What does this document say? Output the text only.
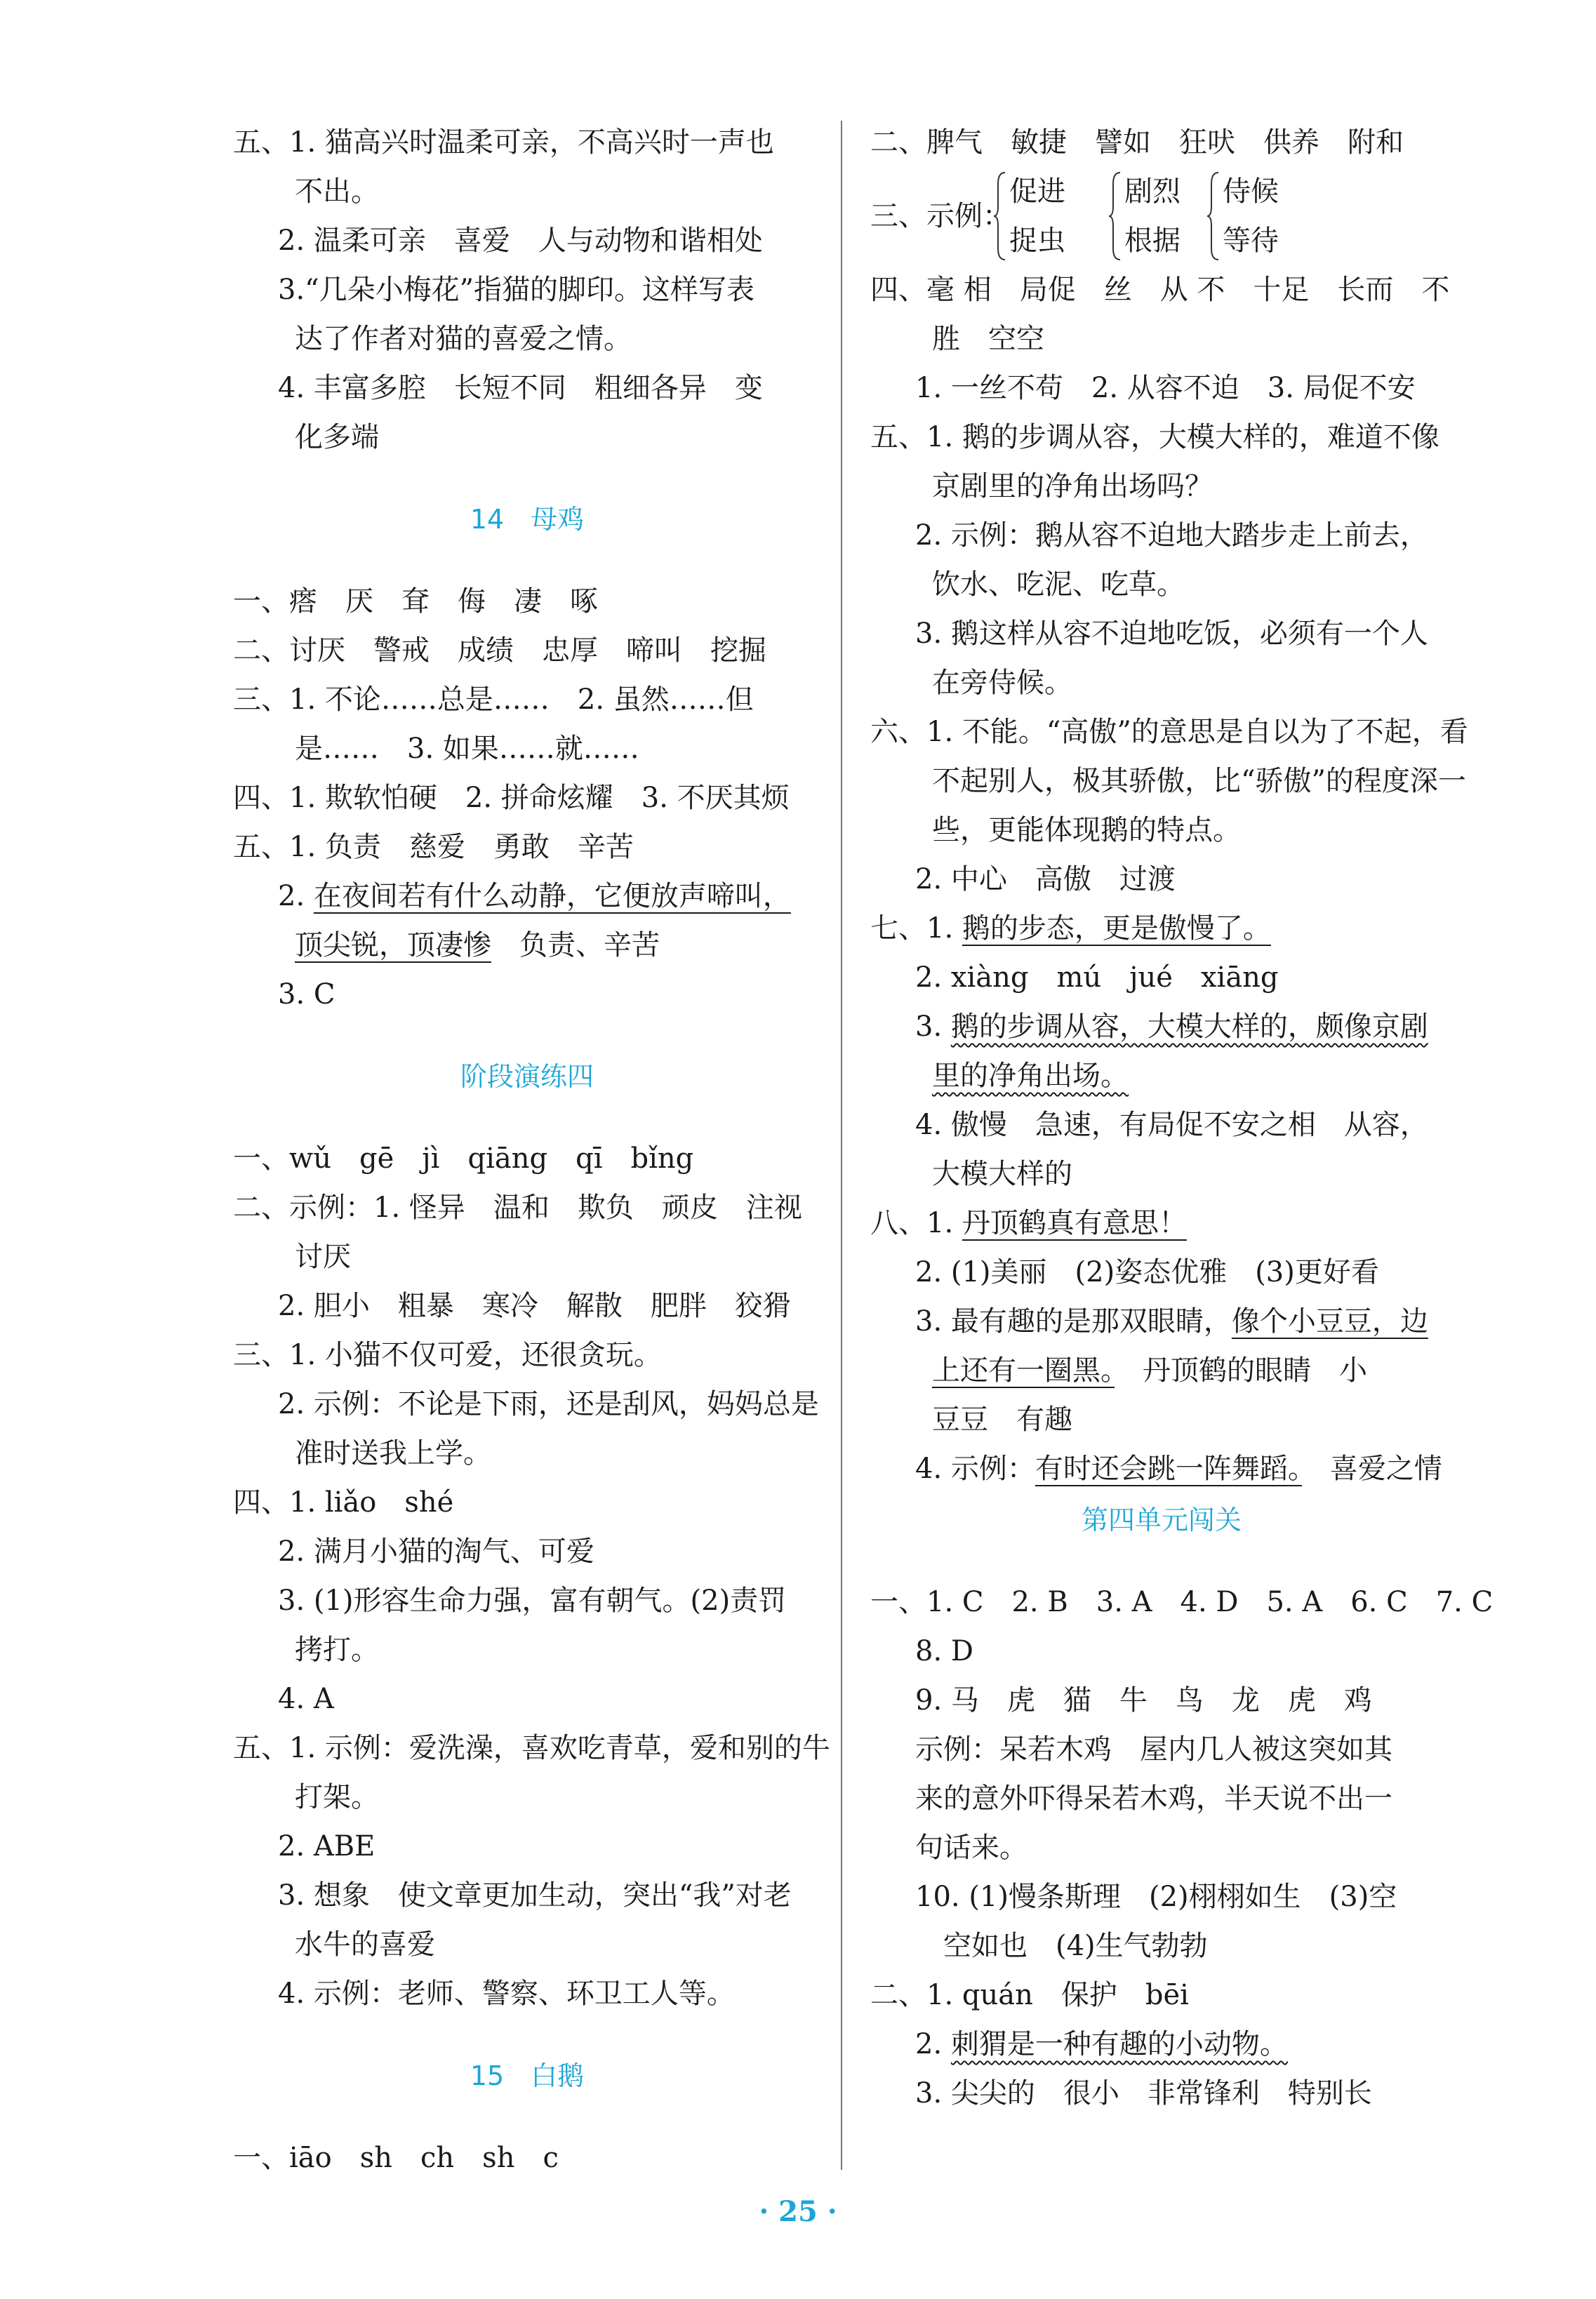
五、1. 猫高兴时温柔可亲，不高兴时一声也
不出。
2. 温柔可亲　喜爱　人与动物和谐相处
3.“几朵小梅花”指猫的脚印。这样写表
达了作者对猫的喜爱之情。
4. 丰富多腔　长短不同　粗细各异　变
化多端
14　母鸡
一、瘩　厌　耷　侮　凄　啄
二、讨厌　警戒　成绩　忠厚　啼叫　挖掘
三、1. 不论……总是……　2. 虽然……但
是……　3. 如果……就……
四、1. 欺软怕硬　2. 拼命炫耀　3. 不厌其烦
五、1. 负责　慈爱　勇敢　辛苦
2. 在夜间若有什么动静，它便放声啼叫，
顶尖锐，顶凄惨　负责、辛苦
3. C
阶段演练四
一、wǔ　gē　jì　qiāng　qī　bǐng
二、示例：1. 怪异　温和　欺负　顽皮　注视
讨厌
2. 胆小　粗暴　寒冷　解散　肥胖　狡猾
三、1. 小猫不仅可爱，还很贪玩。
2. 示例：不论是下雨，还是刮风，妈妈总是
准时送我上学。
四、1. liǎo　shé
2. 满月小猫的淘气、可爱
3. (1)形容生命力强，富有朝气。(2)责罚
拷打。
4. A
五、1. 示例：爱洗澡，喜欢吃青草，爱和别的牛
打架。
2. ABE
3. 想象　使文章更加生动，突出“我”对老
水牛的喜爱
4. 示例：老师、警察、环卫工人等。
15　白鹅
一、iāo　sh　ch　sh　c
二、脾气　敏捷　譬如　狂吠　供养　附和
三、示例：
促进
捉虫
剧烈
根据
侍候
等待
四、毫 相　局促　丝　从 不　十足　长而　不
胜　空空
1. 一丝不苟　2. 从容不迫　3. 局促不安
五、1. 鹅的步调从容，大模大样的，难道不像
京剧里的净角出场吗？
2. 示例：鹅从容不迫地大踏步走上前去，
饮水、吃泥、吃草。
3. 鹅这样从容不迫地吃饭，必须有一个人
在旁侍候。
六、1. 不能。“高傲”的意思是自以为了不起，看
不起别人，极其骄傲，比“骄傲”的程度深一
些，更能体现鹅的特点。
2. 中心　高傲　过渡
七、1. 鹅的步态，更是傲慢了。
2. xiàng　mú　jué　xiāng
3. 鹅的步调从容，大模大样的，颇像京剧
里的净角出场。
4. 傲慢　急速，有局促不安之相　从容，
大模大样的
八、1. 丹顶鹤真有意思！
2. (1)美丽　(2)姿态优雅　(3)更好看
3. 最有趣的是那双眼睛，像个小豆豆，边
上还有一圈黑。　丹顶鹤的眼睛　小
豆豆　有趣
4. 示例：有时还会跳一阵舞蹈。　喜爱之情
第四单元闯关
一、1. C　2. B　3. A　4. D　5. A　6. C　7. C
8. D
9. 马　虎　猫　牛　鸟　龙　虎　鸡
示例：呆若木鸡　屋内几人被这突如其
来的意外吓得呆若木鸡，半天说不出一
句话来。
10. (1)慢条斯理　(2)栩栩如生　(3)空
空如也　(4)生气勃勃
二、1. quán　保护　bēi
2. 刺猬是一种有趣的小动物。
3. 尖尖的　很小　非常锋利　特别长
· 25 ·
